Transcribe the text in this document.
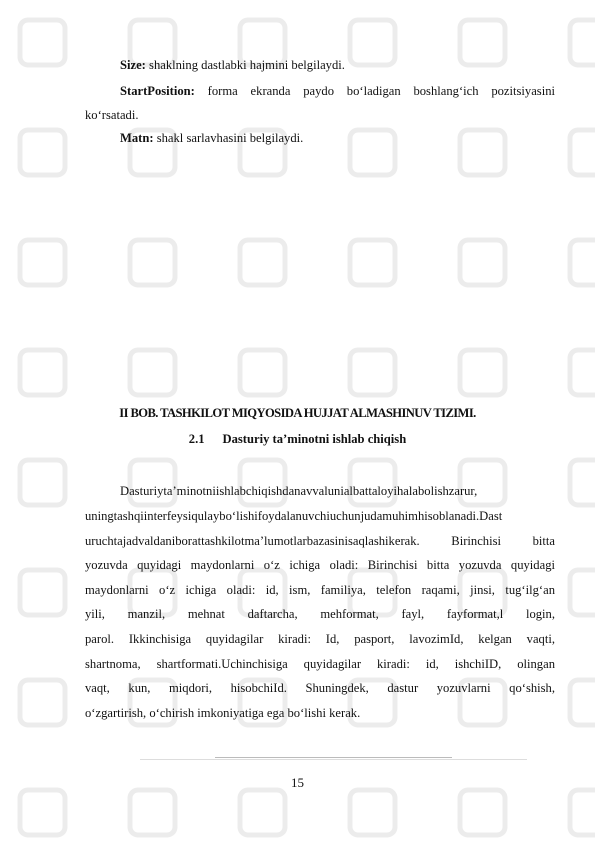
Size: shaklning dastlabki hajmini belgilaydi.
StartPosition: forma ekranda paydo bo‘ladigan boshlang‘ich pozitsiyasini
ko‘rsatadi.
Matn: shakl sarlavhasini belgilaydi.
II BOB. TASHKILOT MIQYOSIDA HUJJAT ALMASHINUV TIZIMI.
2.1 Dasturiy ta’minotni ishlab chiqish
Dasturiyta’minotniishlabchiqishdanavvalunialbattaloyihalabolishzarur,
uningtashqiinterfeysiqulayboʻlishifoydalanuvchiuchunjudamuhimhisoblanadi.Dast
uruchtajadvaldaniborattashkilotma’lumotlarbazasinisaqlashikerak. Birinchisi bitta
yozuvda quyidagi maydonlarni o‘z ichiga oladi: Birinchisi bitta yozuvda quyidagi
maydonlarni o‘z ichiga oladi: id, ism, familiya, telefon raqami, jinsi, tug‘ilg‘an
yili, manzil, mehnat daftarcha, mehformat, fayl, fayformat,l login,
parol. Ikkinchisiga quyidagilar kiradi: Id, pasport, lavozimId, kelgan vaqti,
shartnoma, shartformati.Uchinchisiga quyidagilar kiradi: id, ishchiID, olingan
vaqt, kun, miqdori, hisobchiId. Shuningdek, dastur yozuvlarni qo‘shish,
o‘zgartirish, o‘chirish imkoniyatiga ega bo‘lishi kerak.
15
